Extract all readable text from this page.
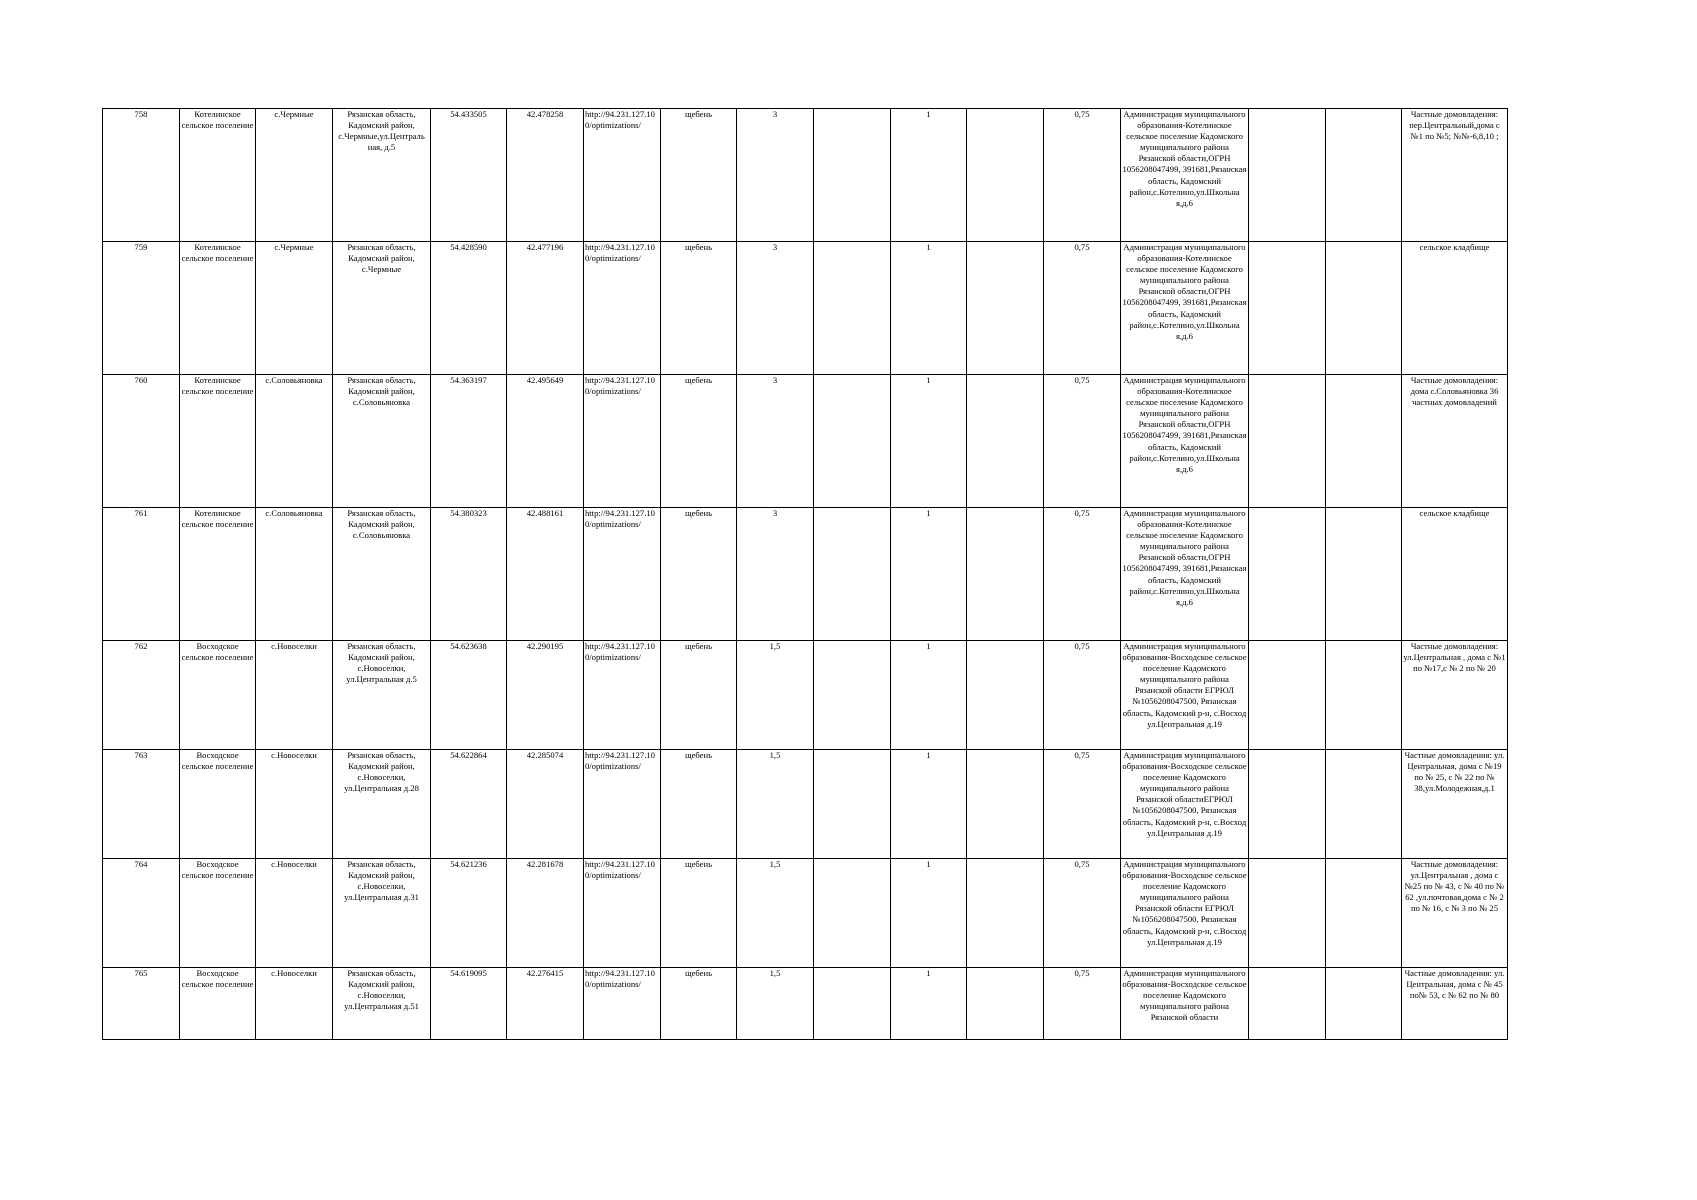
758	Котелинское сельское поселение	с.Чермные	Рязанская область, Кадомский район, с.Чермные,ул.Централь ная, д.5	54.433505	42.478258	http://94.231.127.10 0/optimizations/	щебень	3		1		0,75	Администрация муниципального образования-Котелинское сельское поселение Кадомского муниципального района Рязанской области,ОГРН 1056208047499, 391681,Рязанская область, Кадомский район,с.Котелино,ул.Школьна я,д.6			Частные домовладения: пер.Центральный,дома с №1 по №5; №№-6,8,10 ;
759	Котелинское сельское поселение	с.Чермные	Рязанская область, Кадомский район, с.Чермные	54.428590	42.477196	http://94.231.127.10 0/optimizations/	щебень	3		1		0,75	Администрация муниципального образования-Котелинское сельское поселение Кадомского муниципального района Рязанской области,ОГРН 1056208047499, 391681,Рязанская область, Кадомский район,с.Котелино,ул.Школьна я,д.6			сельское кладбище
760	Котелинское сельское поселение	с.Соловьяновка	Рязанская область, Кадомский район, с.Соловьяновка	54.363197	42.495649	http://94.231.127.10 0/optimizations/	щебень	3		1		0,75	Администрация муниципального образования-Котелинское сельское поселение Кадомского муниципального района Рязанской области,ОГРН 1056208047499, 391681,Рязанская область, Кадомский район,с.Котелино,ул.Школьна я,д.6			Частные домовладения: дома с.Соловьяновка 36 частных домовладений
761	Котелинское сельское поселение	с.Соловьяновка	Рязанская область, Кадомский район, с.Соловьяновка	54.380323	42.488161	http://94.231.127.10 0/optimizations/	щебень	3		1		0,75	Администрация муниципального образования-Котелинское сельское поселение Кадомского муниципального района Рязанской области,ОГРН 1056208047499, 391681,Рязанская область, Кадомский район,с.Котелино,ул.Школьна я,д.6			сельское кладбище
762	Восходское сельское поселение	с.Новоселки	Рязанская область, Кадомский район, с.Новоселки, ул.Центральная д.5	54.623638	42.290195	http://94.231.127.10 0/optimizations/	щебень	1,5		1		0,75	Администрация муниципального образования-Восходское сельское поселение Кадомского муниципального района Рязанской области ЕГРЮЛ №1056208047500, Рязанская область, Кадомский р-н, с.Восход ул.Центральная д.19			Частные домовладения: ул.Центральная , дома с №1 по №17,с № 2 по № 20
763	Восходское сельское поселение	с.Новоселки	Рязанская область, Кадомский район, с.Новоселки, ул.Центральная д.28	54.622864	42.285074	http://94.231.127.10 0/optimizations/	щебень	1,5		1		0,75	Администрация муниципального образования-Восходское сельское поселение Кадомского муниципального района Рязанской областиЕГРЮЛ №1056208047500, Рязанская область, Кадомский р-н, с.Восход ул.Центральная д.19			Частные домовладения: ул. Центральная, дома с №19 по № 25, с № 22 по № 38,ул.Молодежная,д.1
764	Восходское сельское поселение	с.Новоселки	Рязанская область, Кадомский район, с.Новоселки, ул.Центральная д.31	54.621236	42.281678	http://94.231.127.10 0/optimizations/	щебень	1,5		1		0,75	Администрация муниципального образования-Восходское сельское поселение Кадомского муниципального района Рязанской области ЕГРЮЛ №1056208047500, Рязанская область, Кадомский р-н, с.Восход ул.Центральная д.19			Частные домовладения: ул.Центральная , дома с №25 по № 43, с № 40 по № 62 ,ул.почтовая,дома с № 2 по № 16, с № 3 по № 25
765	Восходское сельское поселение	с.Новоселки	Рязанская область, Кадомский район, с.Новоселки, ул.Центральная д.51	54.619095	42.276415	http://94.231.127.10 0/optimizations/	щебень	1,5		1		0,75	Администрация муниципального образования-Восходское сельское поселение Кадомского муниципального района Рязанской области			Частные домовладения: ул. Центральная, дома с № 45 по№ 53, с № 62 по № 80
